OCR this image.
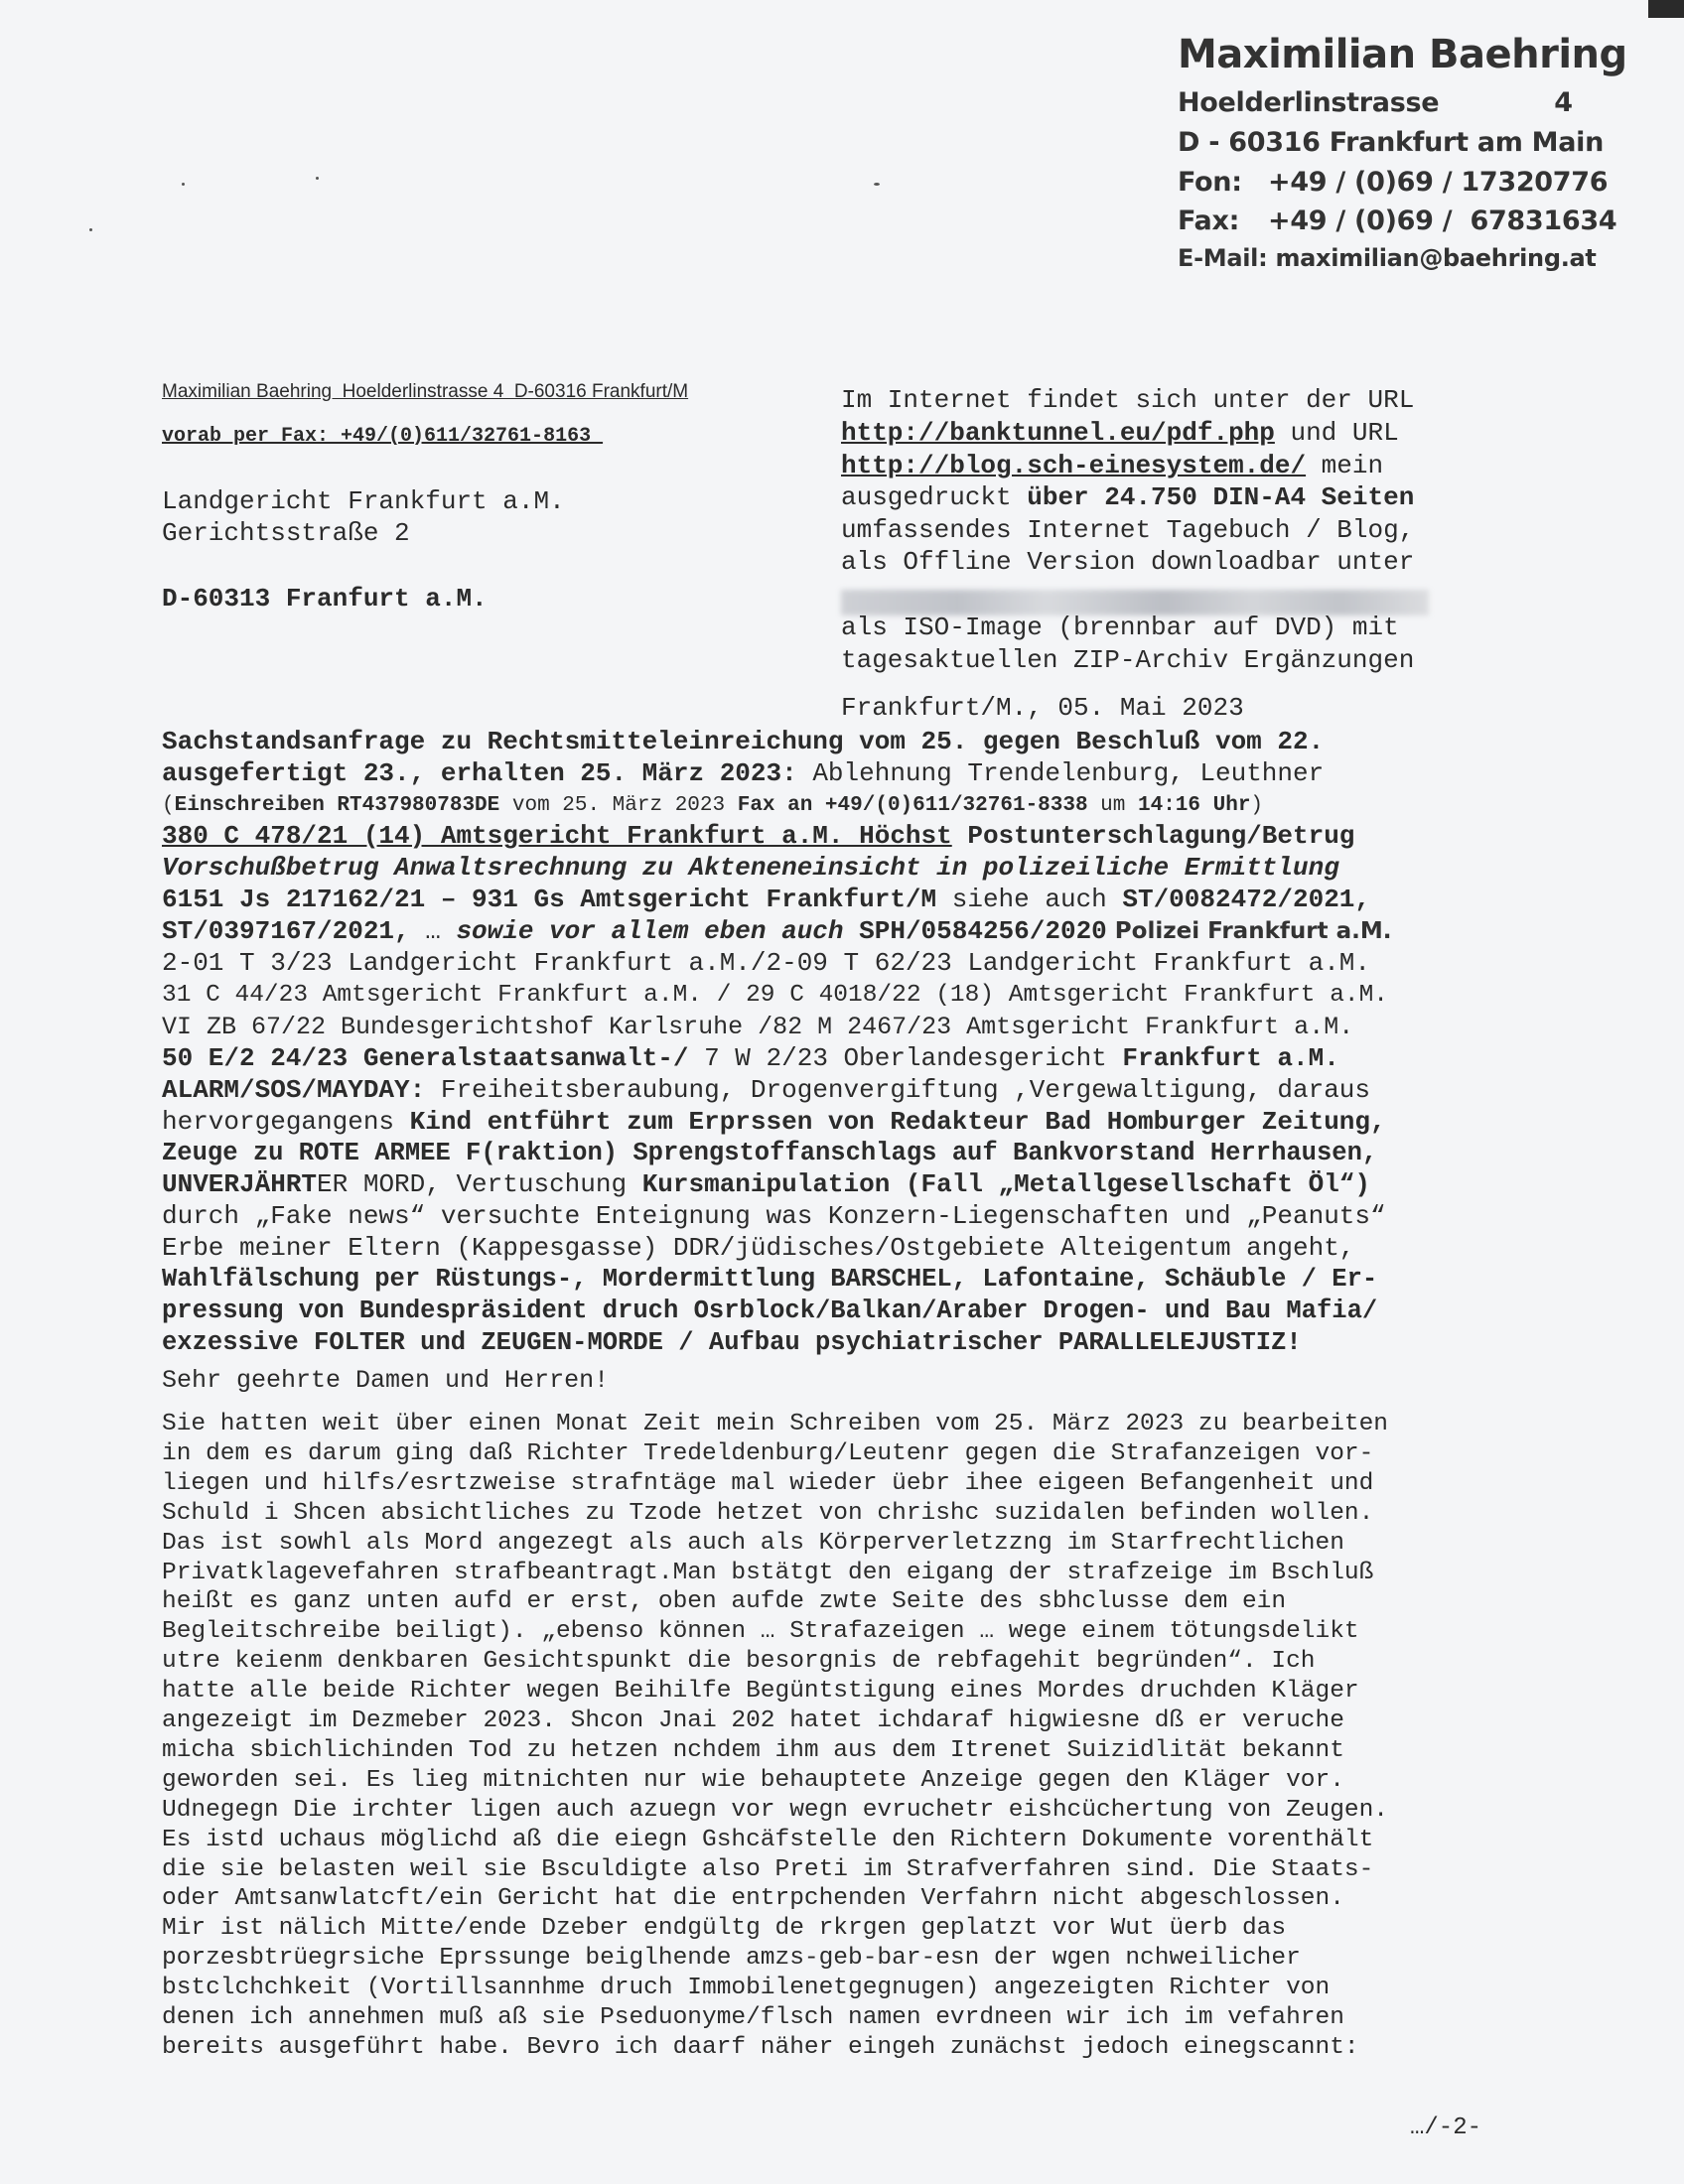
Maximilian Baehring
Hoelderlinstrasse	4
D - 60316 Frankfurt am Main
Fon: +49 / (0)69 / 17320776
Fax: +49 / (0)69 /  67831634
E-Mail: maximilian@baehring.at
Maximilian Baehring  Hoelderlinstrasse 4  D-60316 Frankfurt/M
vorab per Fax: +49/(0)611/32761-8163
Landgericht Frankfurt a.M.
Gerichtsstraße 2
D-60313 Franfurt a.M.
Im Internet findet sich unter der URL
http://banktunnel.eu/pdf.php und URL
http://blog.sch-einesystem.de/ mein
ausgedruckt über 24.750 DIN-A4 Seiten
umfassendes Internet Tagebuch / Blog,
als Offline Version downloadbar unter
als ISO-Image (brennbar auf DVD) mit
tagesaktuellen ZIP-Archiv Ergänzungen
Frankfurt/M., 05. Mai 2023
Sachstandsanfrage zu Rechtsmitteleinreichung vom 25. gegen Beschluß vom 22.
ausgefertigt 23., erhalten 25. März 2023: Ablehnung Trendelenburg, Leuthner
(Einschreiben RT437980783DE vom 25. März 2023 Fax an +49/(0)611/32761-8338 um 14:16 Uhr)
380 C 478/21 (14) Amtsgericht Frankfurt a.M. Höchst Postunterschlagung/Betrug
Vorschußbetrug Anwaltsrechnung zu Akteneneinsicht in polizeiliche Ermittlung
6151 Js 217162/21 – 931 Gs Amtsgericht Frankfurt/M siehe auch ST/0082472/2021,
ST/0397167/2021, … sowie vor allem eben auch SPH/0584256/2020 Polizei Frankfurt a.M.
2-01 T 3/23 Landgericht Frankfurt a.M./2-09 T 62/23 Landgericht Frankfurt a.M.
31 C 44/23 Amtsgericht Frankfurt a.M. / 29 C 4018/22 (18) Amtsgericht Frankfurt a.M.
VI ZB 67/22 Bundesgerichtshof Karlsruhe /82 M 2467/23 Amtsgericht Frankfurt a.M.
50 E/2 24/23 Generalstaatsanwalt-/ 7 W 2/23 Oberlandesgericht Frankfurt a.M.
ALARM/SOS/MAYDAY: Freiheitsberaubung, Drogenvergiftung ,Vergewaltigung, daraus
hervorgegangens Kind entführt zum Erprssen von Redakteur Bad Homburger Zeitung,
Zeuge zu ROTE ARMEE F(raktion) Sprengstoffanschlags auf Bankvorstand Herrhausen,
UNVERJÄHRTER MORD, Vertuschung Kursmanipulation (Fall „Metallgesellschaft Öl“)
durch „Fake news“ versuchte Enteignung was Konzern-Liegenschaften und „Peanuts“
Erbe meiner Eltern (Kappesgasse) DDR/jüdisches/Ostgebiete Alteigentum angeht,
Wahlfälschung per Rüstungs-, Mordermittlung BARSCHEL, Lafontaine, Schäuble / Er-
pressung von Bundespräsident druch Osrblock/Balkan/Araber Drogen- und Bau Mafia/
exzessive FOLTER und ZEUGEN-MORDE / Aufbau psychiatrischer PARALLELEJUSTIZ!
Sehr geehrte Damen und Herren!
Sie hatten weit über einen Monat Zeit mein Schreiben vom 25. März 2023 zu bearbeiten
in dem es darum ging daß Richter Tredeldenburg/Leutenr gegen die Strafanzeigen vor-
liegen und hilfs/esrtzweise strafntäge mal wieder üebr ihee eigeen Befangenheit und
Schuld i Shcen absichtliches zu Tzode hetzet von chrishc suzidalen befinden wollen.
Das ist sowhl als Mord angezegt als auch als Körperverletzzng im Starfrechtlichen
Privatklagevefahren strafbeantragt.Man bstätgt den eigang der strafzeige im Bschluß
heißt es ganz unten aufd er erst, oben aufde zwte Seite des sbhclusse dem ein
Begleitschreibe beiligt). „ebenso können … Strafazeigen … wege einem tötungsdelikt
utre keienm denkbaren Gesichtspunkt die besorgnis de rebfagehit begründen“. Ich
hatte alle beide Richter wegen Beihilfe Begüntstigung eines Mordes druchden Kläger
angezeigt im Dezmeber 2023. Shcon Jnai 202 hatet ichdaraf higwiesne dß er veruche
micha sbichlichinden Tod zu hetzen nchdem ihm aus dem Itrenet Suizidlität bekannt
geworden sei. Es lieg mitnichten nur wie behauptete Anzeige gegen den Kläger vor.
Udnegegn Die irchter ligen auch azuegn vor wegn evruchetr eishcüchertung von Zeugen.
Es istd uchaus möglichd aß die eiegn Gshcäfstelle den Richtern Dokumente vorenthält
die sie belasten weil sie Bsculdigte also Preti im Strafverfahren sind. Die Staats-
oder Amtsanwlatcft/ein Gericht hat die entrpchenden Verfahrn nicht abgeschlossen.
Mir ist nälich Mitte/ende Dzeber endgültg de rkrgen geplatzt vor Wut üerb das
porzesbtrüegrsiche Eprssunge beiglhende amzs-geb-bar-esn der wgen nchweilicher
bstclchchkeit (Vortillsannhme druch Immobilenetgegnugen) angezeigten Richter von
denen ich annehmen muß aß sie Pseduonyme/flsch namen evrdneen wir ich im vefahren
bereits ausgeführt habe. Bevro ich daarf näher eingeh zunächst jedoch einegscannt:
…/-2-
